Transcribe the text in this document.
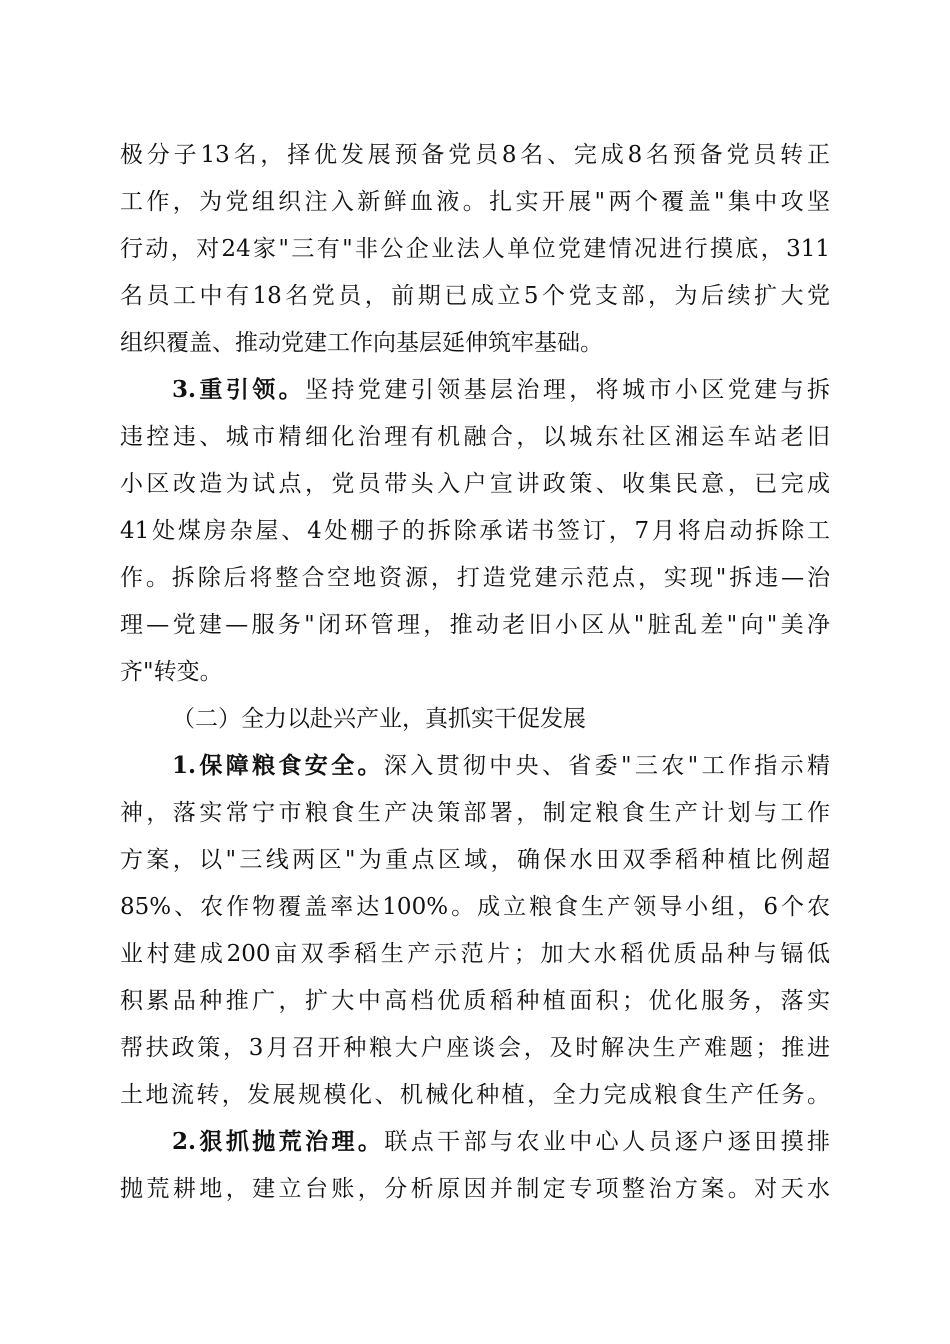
极分子13名，择优发展预备党员8名、完成8名预备党员转正
工作，为党组织注入新鲜血液。扎实开展"两个覆盖"集中攻坚
行动，对24家"三有"非公企业法人单位党建情况进行摸底，311
名员工中有18名党员，前期已成立5个党支部，为后续扩大党
组织覆盖、推动党建工作向基层延伸筑牢基础。
3.重引领。坚持党建引领基层治理，将城市小区党建与拆
违控违、城市精细化治理有机融合，以城东社区湘运车站老旧
小区改造为试点，党员带头入户宣讲政策、收集民意，已完成
41处煤房杂屋、4处棚子的拆除承诺书签订，7月将启动拆除工
作。拆除后将整合空地资源，打造党建示范点，实现"拆违—治
理—党建—服务"闭环管理，推动老旧小区从"脏乱差"向"美净
齐"转变。
（二）全力以赴兴产业，真抓实干促发展
1.保障粮食安全。深入贯彻中央、省委"三农"工作指示精
神，落实常宁市粮食生产决策部署，制定粮食生产计划与工作
方案，以"三线两区"为重点区域，确保水田双季稻种植比例超
85%、农作物覆盖率达100%。成立粮食生产领导小组，6个农
业村建成200亩双季稻生产示范片；加大水稻优质品种与镉低
积累品种推广，扩大中高档优质稻种植面积；优化服务，落实
帮扶政策，3月召开种粮大户座谈会，及时解决生产难题；推进
土地流转，发展规模化、机械化种植，全力完成粮食生产任务。
2.狠抓抛荒治理。联点干部与农业中心人员逐户逐田摸排
抛荒耕地，建立台账，分析原因并制定专项整治方案。对天水
